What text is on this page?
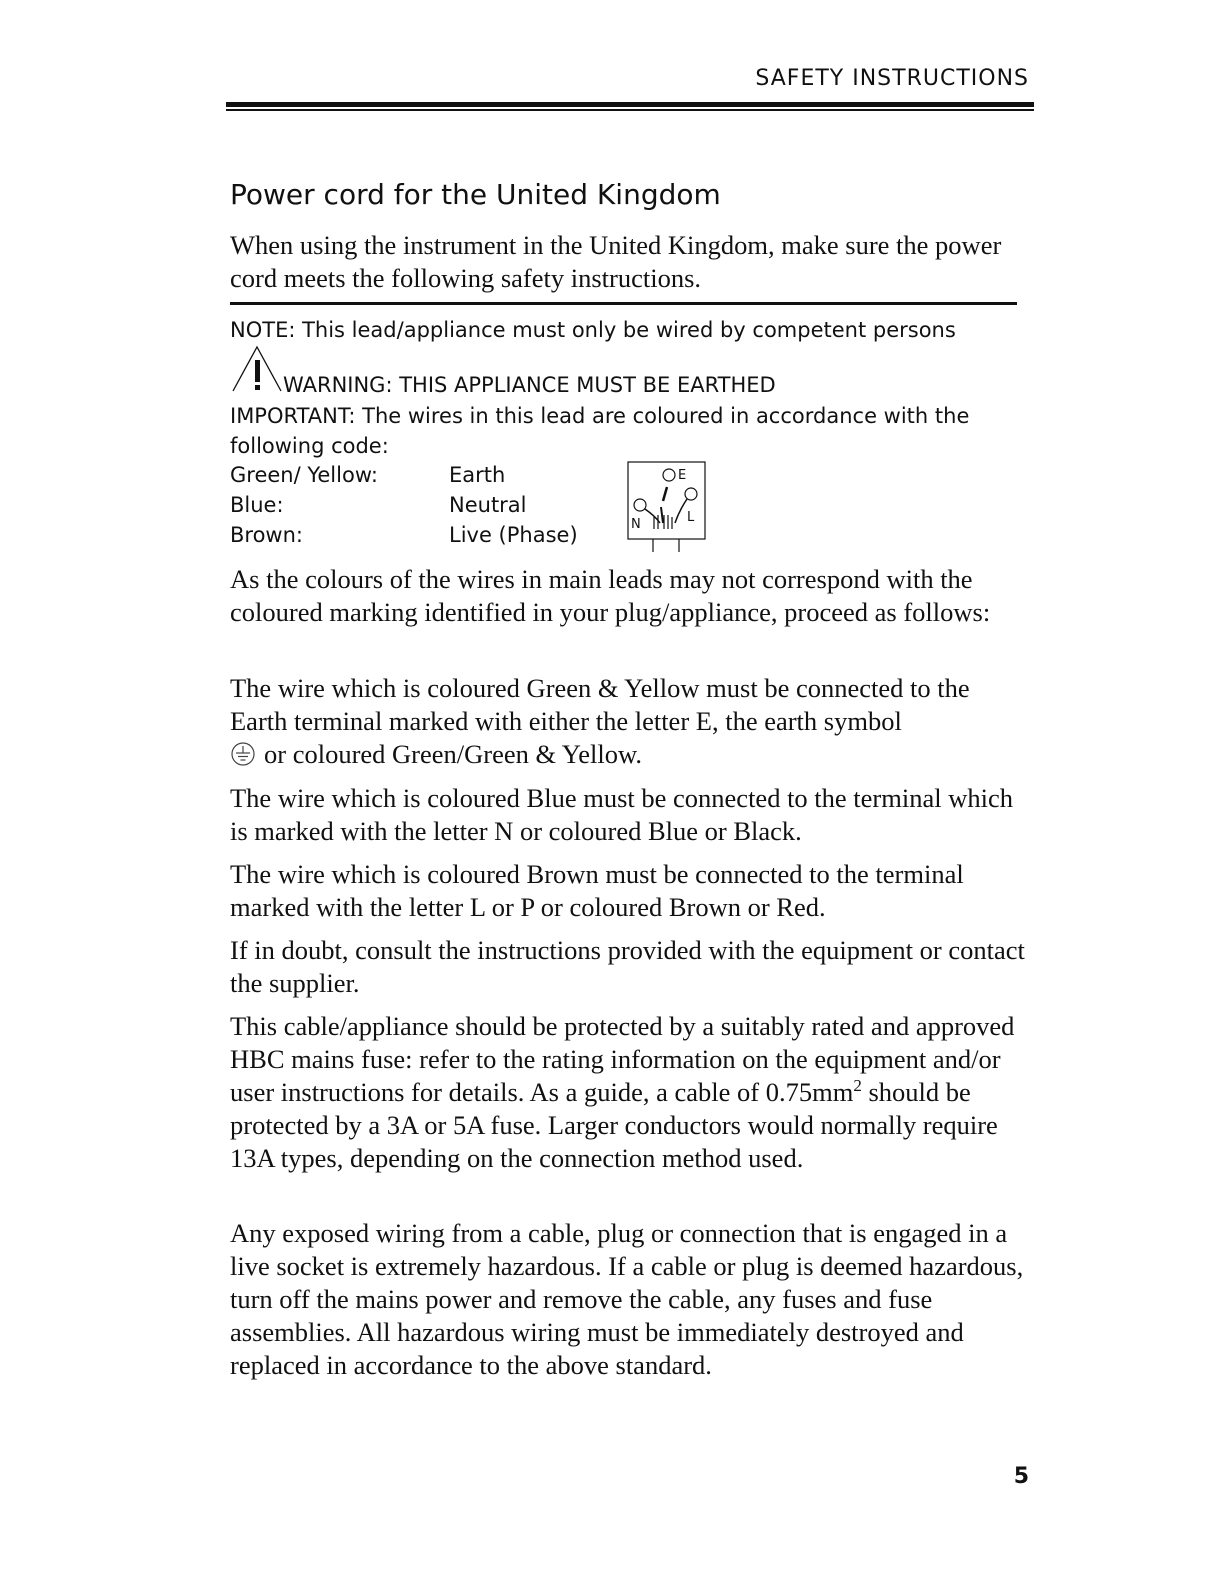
SAFETY INSTRUCTIONS
Power cord for the United Kingdom

When using the instrument in the United Kingdom, make sure the power cord meets the following safety instructions.

NOTE: This lead/appliance must only be wired by competent persons

WARNING: THIS APPLIANCE MUST BE EARTHED

IMPORTANT: The wires in this lead are coloured in accordance with the

following code:

Green/ Yellow:	Earth
Blue:	Neutral
Brown:	Live (Phase)
E
N	L

As the colours of the wires in main leads may not correspond with the coloured marking identified in your plug/appliance, proceed as follows:

The wire which is coloured Green & Yellow must be connected to the Earth terminal marked with either the letter E, the earth symbol
or coloured Green/Green & Yellow.

The wire which is coloured Blue must be connected to the terminal which is marked with the letter N or coloured Blue or Black.

The wire which is coloured Brown must be connected to the terminal marked with the letter L or P or coloured Brown or Red.

If in doubt, consult the instructions provided with the equipment or contact the supplier.

This cable/appliance should be protected by a suitably rated and approved HBC mains fuse: refer to the rating information on the equipment and/or user instructions for details. As a guide, a cable of $0.75mm^2$ should be protected by a 3A or 5A fuse. Larger conductors would normally require 13A types, depending on the connection method used.

Any exposed wiring from a cable, plug or connection that is engaged in a live socket is extremely hazardous. If a cable or plug is deemed hazardous, turn off the mains power and remove the cable, any fuses and fuse assemblies. All hazardous wiring must be immediately destroyed and replaced in accordance to the above standard.

5
